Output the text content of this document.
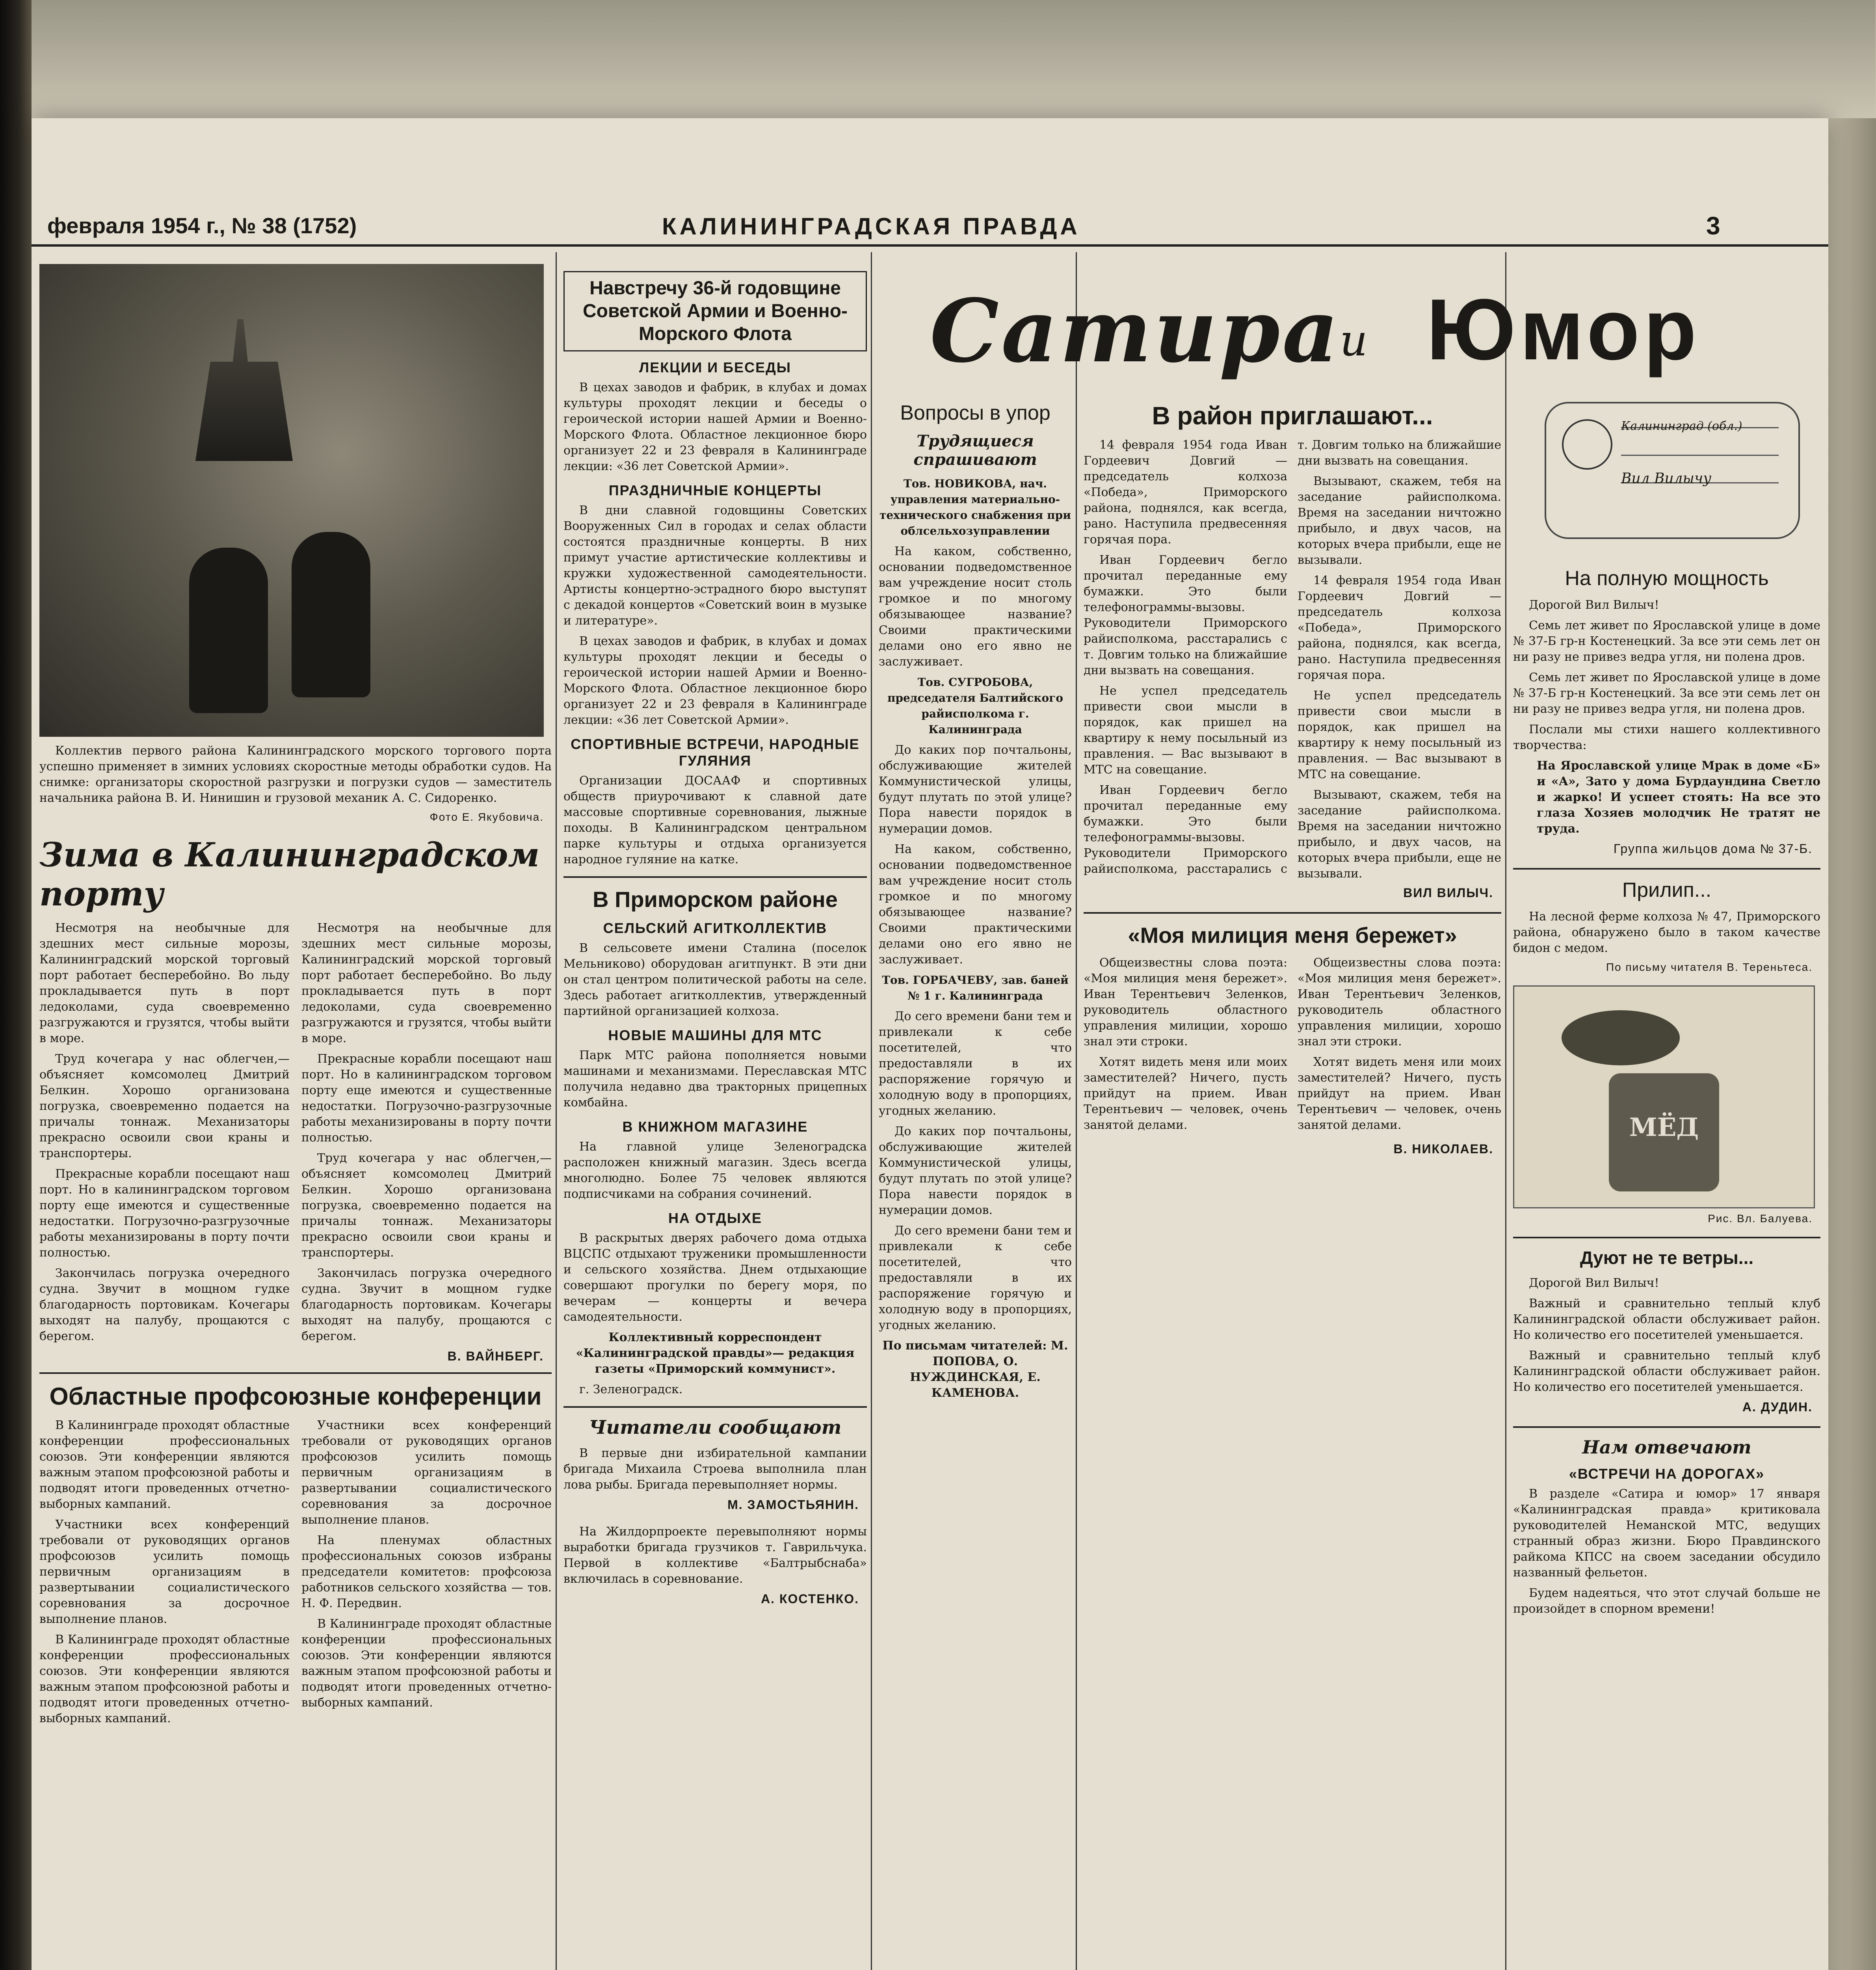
февраля 1954 г., № 38 (1752)	КАЛИНИНГРАДСКАЯ ПРАВДА	3

Коллектив первого района Калининградского морского торгового порта успешно применяет в зимних условиях скоростные методы обработки судов. На снимке: организаторы скоростной разгрузки и погрузки судов — заместитель начальника района В. И. Нинишин и грузовой механик А. С. Сидоренко.

Фото Е. Якубовича.
Зима в Калининградском порту

Несмотря на необычные для здешних мест сильные морозы, Калининградский морской торговый порт работает бесперебойно. Во льду прокладывается путь в порт ледоколами, суда своевременно разгружаются и грузятся, чтобы выйти в море.

Труд кочегара у нас облегчен,— объясняет комсомолец Дмитрий Белкин. Хорошо организована погрузка, своевременно подается на причалы тоннаж. Механизаторы прекрасно освоили свои краны и транспортеры.

Прекрасные корабли посещают наш порт. Но в калининградском торговом порту еще имеются и существенные недостатки. Погрузочно-разгрузочные работы механизированы в порту почти полностью.

Закончилась погрузка очередного судна. Звучит в мощном гудке благодарность портовикам. Кочегары выходят на палубу, прощаются с берегом.

Несмотря на необычные для здешних мест сильные морозы, Калининградский морской торговый порт работает бесперебойно. Во льду прокладывается путь в порт ледоколами, суда своевременно разгружаются и грузятся, чтобы выйти в море.

Прекрасные корабли посещают наш порт. Но в калининградском торговом порту еще имеются и существенные недостатки. Погрузочно-разгрузочные работы механизированы в порту почти полностью.

Труд кочегара у нас облегчен,— объясняет комсомолец Дмитрий Белкин. Хорошо организована погрузка, своевременно подается на причалы тоннаж. Механизаторы прекрасно освоили свои краны и транспортеры.

Закончилась погрузка очередного судна. Звучит в мощном гудке благодарность портовикам. Кочегары выходят на палубу, прощаются с берегом.

В. ВАЙНБЕРГ.
Областные профсоюзные конференции

В Калининграде проходят областные конференции профессиональных союзов. Эти конференции являются важным этапом профсоюзной работы и подводят итоги проведенных отчетно-выборных кампаний.

Участники всех конференций требовали от руководящих органов профсоюзов усилить помощь первичным организациям в развертывании социалистического соревнования за досрочное выполнение планов.

В Калининграде проходят областные конференции профессиональных союзов. Эти конференции являются важным этапом профсоюзной работы и подводят итоги проведенных отчетно-выборных кампаний.

Участники всех конференций требовали от руководящих органов профсоюзов усилить помощь первичным организациям в развертывании социалистического соревнования за досрочное выполнение планов.

На пленумах областных профессиональных союзов избраны председатели комитетов: профсоюза работников сельского хозяйства — тов. Н. Ф. Передвин.

В Калининграде проходят областные конференции профессиональных союзов. Эти конференции являются важным этапом профсоюзной работы и подводят итоги проведенных отчетно-выборных кампаний.

Навстречу 36-й годовщине Советской Армии и Военно-Морского Флота
ЛЕКЦИИ И БЕСЕДЫ

В цехах заводов и фабрик, в клубах и домах культуры проходят лекции и беседы о героической истории нашей Армии и Военно-Морского Флота. Областное лекционное бюро организует 22 и 23 февраля в Калининграде лекции: «36 лет Советской Армии».

ПРАЗДНИЧНЫЕ КОНЦЕРТЫ

В дни славной годовщины Советских Вооруженных Сил в городах и селах области состоятся праздничные концерты. В них примут участие артистические коллективы и кружки художественной самодеятельности. Артисты концертно-эстрадного бюро выступят с декадой концертов «Советский воин в музыке и литературе».

В цехах заводов и фабрик, в клубах и домах культуры проходят лекции и беседы о героической истории нашей Армии и Военно-Морского Флота. Областное лекционное бюро организует 22 и 23 февраля в Калининграде лекции: «36 лет Советской Армии».

СПОРТИВНЫЕ ВСТРЕЧИ, НАРОДНЫЕ ГУЛЯНИЯ

Организации ДОСААФ и спортивных обществ приурочивают к славной дате массовые спортивные соревнования, лыжные походы. В Калининградском центральном парке культуры и отдыха организуется народное гуляние на катке.

В Приморском районе
СЕЛЬСКИЙ АГИТКОЛЛЕКТИВ

В сельсовете имени Сталина (поселок Мельниково) оборудован агитпункт. В эти дни он стал центром политической работы на селе. Здесь работает агитколлектив, утвержденный партийной организацией колхоза.

НОВЫЕ МАШИНЫ ДЛЯ МТС

Парк МТС района пополняется новыми машинами и механизмами. Переславская МТС получила недавно два тракторных прицепных комбайна.

В КНИЖНОМ МАГАЗИНЕ

На главной улице Зеленоградска расположен книжный магазин. Здесь всегда многолюдно. Более 75 человек являются подписчиками на собрания сочинений.

НА ОТДЫХЕ

В раскрытых дверях рабочего дома отдыха ВЦСПС отдыхают труженики промышленности и сельского хозяйства. Днем отдыхающие совершают прогулки по берегу моря, по вечерам — концерты и вечера самодеятельности.

Коллективный корреспондент «Калининградской правды»— редакция газеты «Приморский коммунист».

г. Зеленоградск.

Читатели сообщают

В первые дни избирательной кампании бригада Михаила Строева выполнила план лова рыбы. Бригада перевыполняет нормы.

М. ЗАМОСТЬЯНИН.

На Жилдорпроекте перевыполняют нормы выработки бригада грузчиков т. Гаврильчука. Первой в коллективе «Балтрыбснаба» включилась в соревнование.

А. КОСТЕНКО.
Сатира
и Юмор
Вопросы в упор
Трудящиеся спрашивают

Тов. НОВИКОВА, нач. управления материально-технического снабжения при облсельхозуправлении

На каком, собственно, основании подведомственное вам учреждение носит столь громкое и по многому обязывающее название? Своими практическими делами оно его явно не заслуживает.

Тов. СУГРОБОВА, председателя Балтийского райисполкома г. Калининграда

До каких пор почтальоны, обслуживающие жителей Коммунистической улицы, будут плутать по этой улице? Пора навести порядок в нумерации домов.

На каком, собственно, основании подведомственное вам учреждение носит столь громкое и по многому обязывающее название? Своими практическими делами оно его явно не заслуживает.

Тов. ГОРБАЧЕВУ, зав. баней № 1 г. Калининграда

До сего времени бани тем и привлекали к себе посетителей, что предоставляли в их распоряжение горячую и холодную воду в пропорциях, угодных желанию.

До каких пор почтальоны, обслуживающие жителей Коммунистической улицы, будут плутать по этой улице? Пора навести порядок в нумерации домов.

До сего времени бани тем и привлекали к себе посетителей, что предоставляли в их распоряжение горячую и холодную воду в пропорциях, угодных желанию.

По письмам читателей: М. ПОПОВА, О. НУЖДИНСКАЯ, Е. КАМЕНОВА.

В район приглашают...

14 февраля 1954 года Иван Гордеевич Довгий — председатель колхоза «Победа», Приморского района, поднялся, как всегда, рано. Наступила предвесенняя горячая пора.

Иван Гордеевич бегло прочитал переданные ему бумажки. Это были телефонограммы-вызовы. Руководители Приморского райисполкома, расстарались с т. Довгим только на ближайшие дни вызвать на совещания.

Не успел председатель привести свои мысли в порядок, как пришел на квартиру к нему посыльный из правления. — Вас вызывают в МТС на совещание.

Иван Гордеевич бегло прочитал переданные ему бумажки. Это были телефонограммы-вызовы. Руководители Приморского райисполкома, расстарались с т. Довгим только на ближайшие дни вызвать на совещания.

Вызывают, скажем, тебя на заседание райисполкома. Время на заседании ничтожно прибыло, и двух часов, на которых вчера прибыли, еще не вызывали.

14 февраля 1954 года Иван Гордеевич Довгий — председатель колхоза «Победа», Приморского района, поднялся, как всегда, рано. Наступила предвесенняя горячая пора.

Не успел председатель привести свои мысли в порядок, как пришел на квартиру к нему посыльный из правления. — Вас вызывают в МТС на совещание.

Вызывают, скажем, тебя на заседание райисполкома. Время на заседании ничтожно прибыло, и двух часов, на которых вчера прибыли, еще не вызывали.

ВИЛ ВИЛЫЧ.
«Моя милиция меня бережет»

Общеизвестны слова поэта: «Моя милиция меня бережет». Иван Терентьевич Зеленков, руководитель областного управления милиции, хорошо знал эти строки.

Хотят видеть меня или моих заместителей? Ничего, пусть прийдут на прием. Иван Терентьевич — человек, очень занятой делами.

Общеизвестны слова поэта: «Моя милиция меня бережет». Иван Терентьевич Зеленков, руководитель областного управления милиции, хорошо знал эти строки.

Хотят видеть меня или моих заместителей? Ничего, пусть прийдут на прием. Иван Терентьевич — человек, очень занятой делами.

В. НИКОЛАЕВ.

Калининград (обл.)
Вил Вилычу
На полную мощность

Дорогой Вил Вилыч!

Семь лет живет по Ярославской улице в доме № 37-Б гр-н Костенецкий. За все эти семь лет он ни разу не привез ведра угля, ни полена дров.

Семь лет живет по Ярославской улице в доме № 37-Б гр-н Костенецкий. За все эти семь лет он ни разу не привез ведра угля, ни полена дров.

Послали мы стихи нашего коллективного творчества:

На Ярославской улице Мрак в доме «Б» и «А», Зато у дома Бурдаундина Светло и жарко! И успеет стоять: На все это глаза Хозяев молодчик Не тратят не труда.

Группа жильцов дома № 37-Б.
Прилип...

На лесной ферме колхоза № 47, Приморского района, обнаружено было в таком качестве бидон с медом.

По письму читателя В. Тереньтеса.
МЁД
Рис. Вл. Балуева.
Дуют не те ветры...

Дорогой Вил Вилыч!

Важный и сравнительно теплый клуб Калининградской области обслуживает район. Но количество его посетителей уменьшается.

Важный и сравнительно теплый клуб Калининградской области обслуживает район. Но количество его посетителей уменьшается.

А. ДУДИН.
Нам отвечают
«ВСТРЕЧИ НА ДОРОГАХ»

В разделе «Сатира и юмор» 17 января «Калининградская правда» критиковала руководителей Неманской МТС, ведущих странный образ жизни. Бюро Правдинского райкома КПСС на своем заседании обсудило названный фельетон.

Будем надеяться, что этот случай больше не произойдет в спорном времени!
